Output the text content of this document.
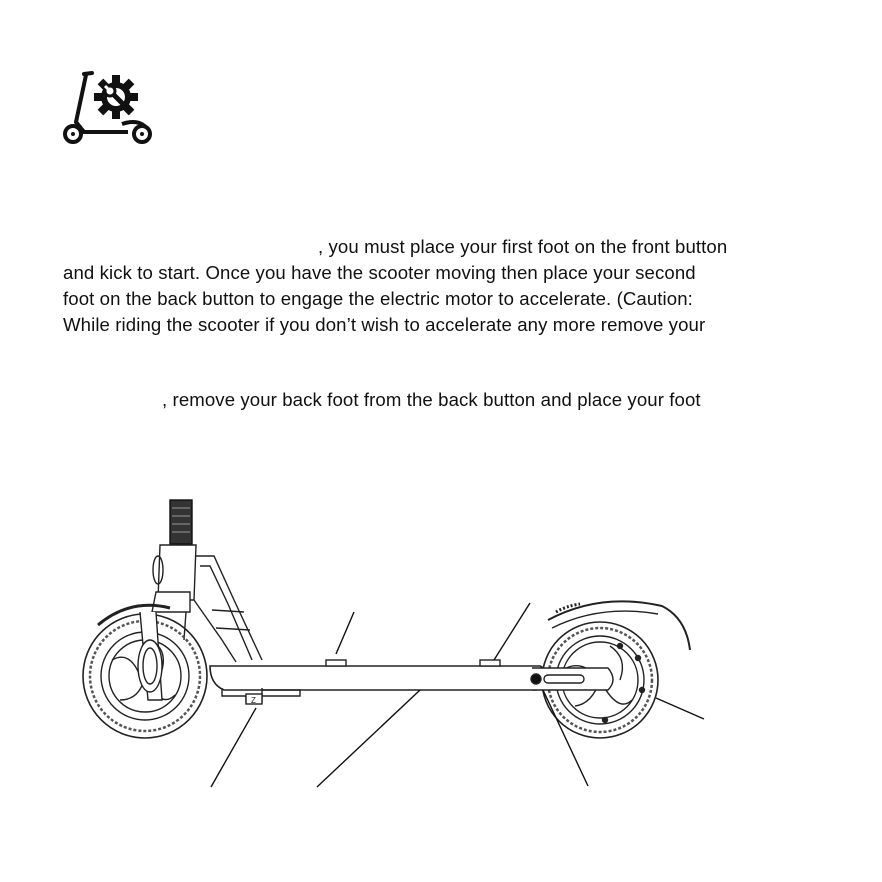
, you must place your first foot on the front button
and kick to start. Once you have the scooter moving then place your second
foot on the back button to engage the electric motor to accelerate. (Caution:
While riding the scooter if you don’t wish to accelerate any more remove your
, remove your back foot from the back button and place your foot
Z
